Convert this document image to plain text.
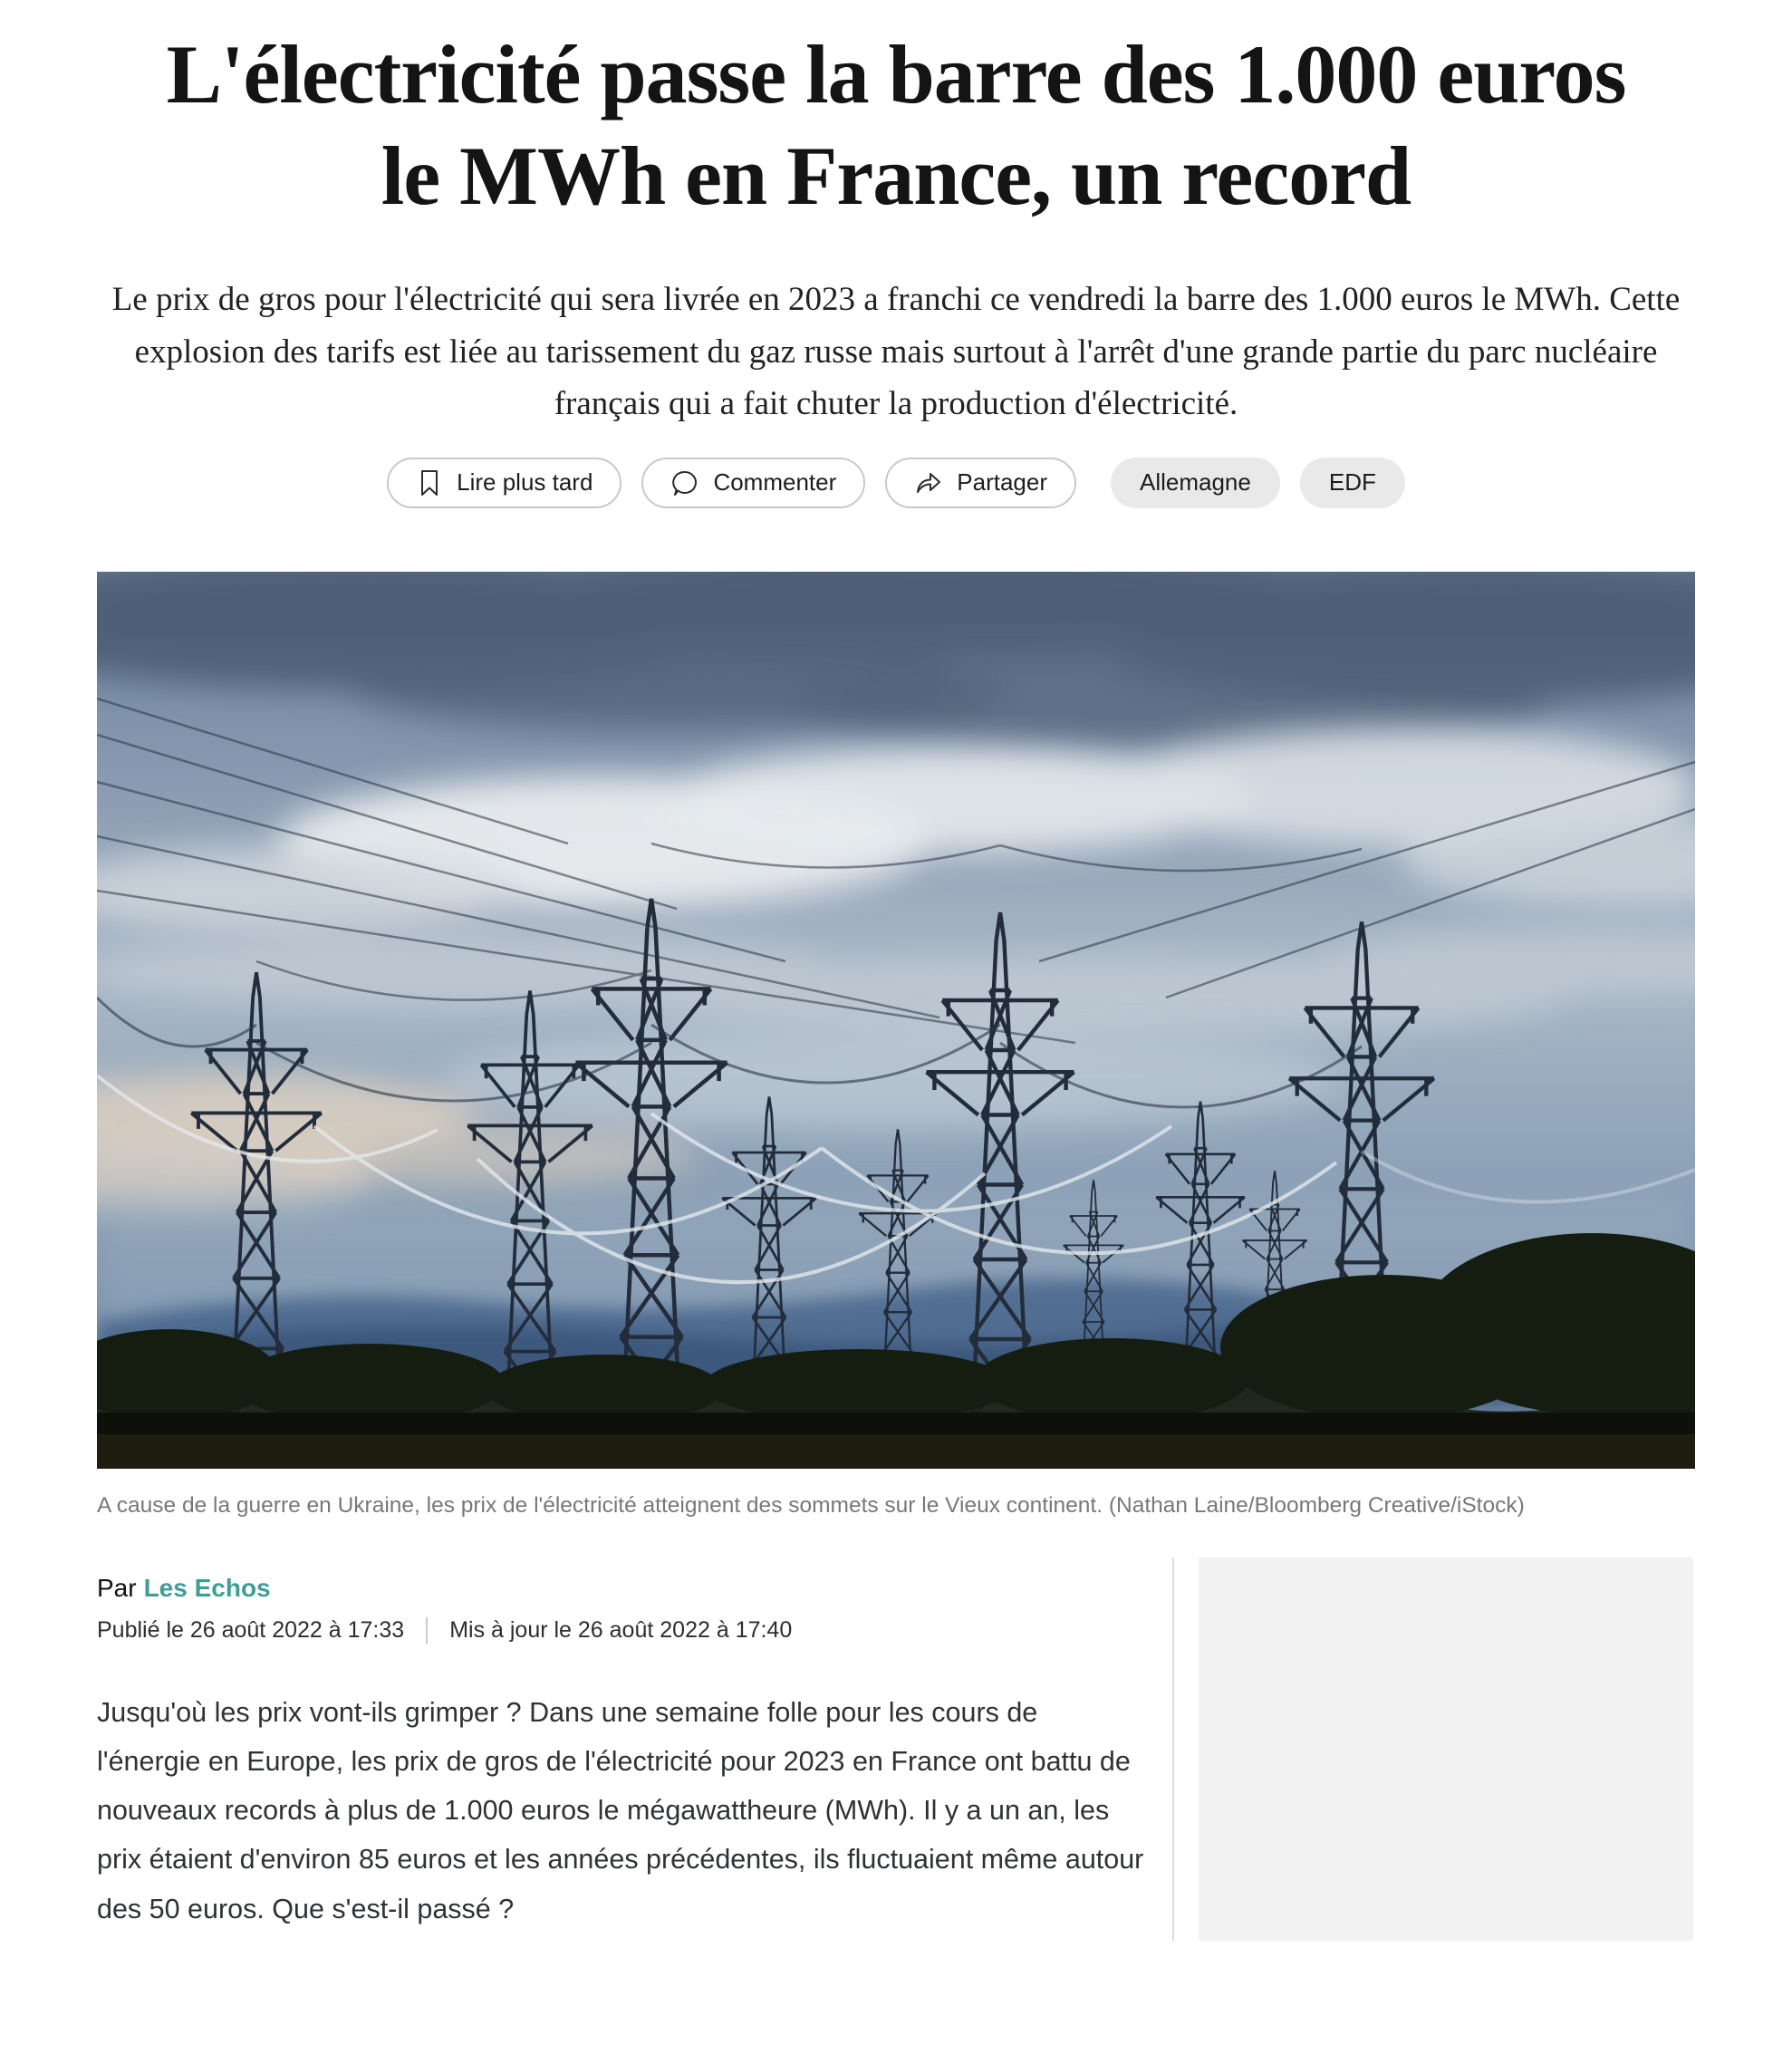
L'électricité passe la barre des 1.000 euros le MWh en France, un record

Le prix de gros pour l'électricité qui sera livrée en 2023 a franchi ce vendredi la barre des 1.000 euros le MWh. Cette explosion des tarifs est liée au tarissement du gaz russe mais surtout à l'arrêt d'une grande partie du parc nucléaire français qui a fait chuter la production d'électricité.

Lire plus tard	Commenter	Partager	Allemagne	EDF
A cause de la guerre en Ukraine, les prix de l'électricité atteignent des sommets sur le Vieux continent. (Nathan Laine/Bloomberg Creative/iStock)
Par Les Echos
Publié le 26 août 2022 à 17:33 Mis à jour le 26 août 2022 à 17:40

Jusqu'où les prix vont-ils grimper ? Dans une semaine folle pour les cours de l'énergie en Europe, les prix de gros de l'électricité pour 2023 en France ont battu de nouveaux records à plus de 1.000 euros le mégawattheure (MWh). Il y a un an, les prix étaient d'environ 85 euros et les années précédentes, ils fluctuaient même autour des 50 euros. Que s'est-il passé ?
